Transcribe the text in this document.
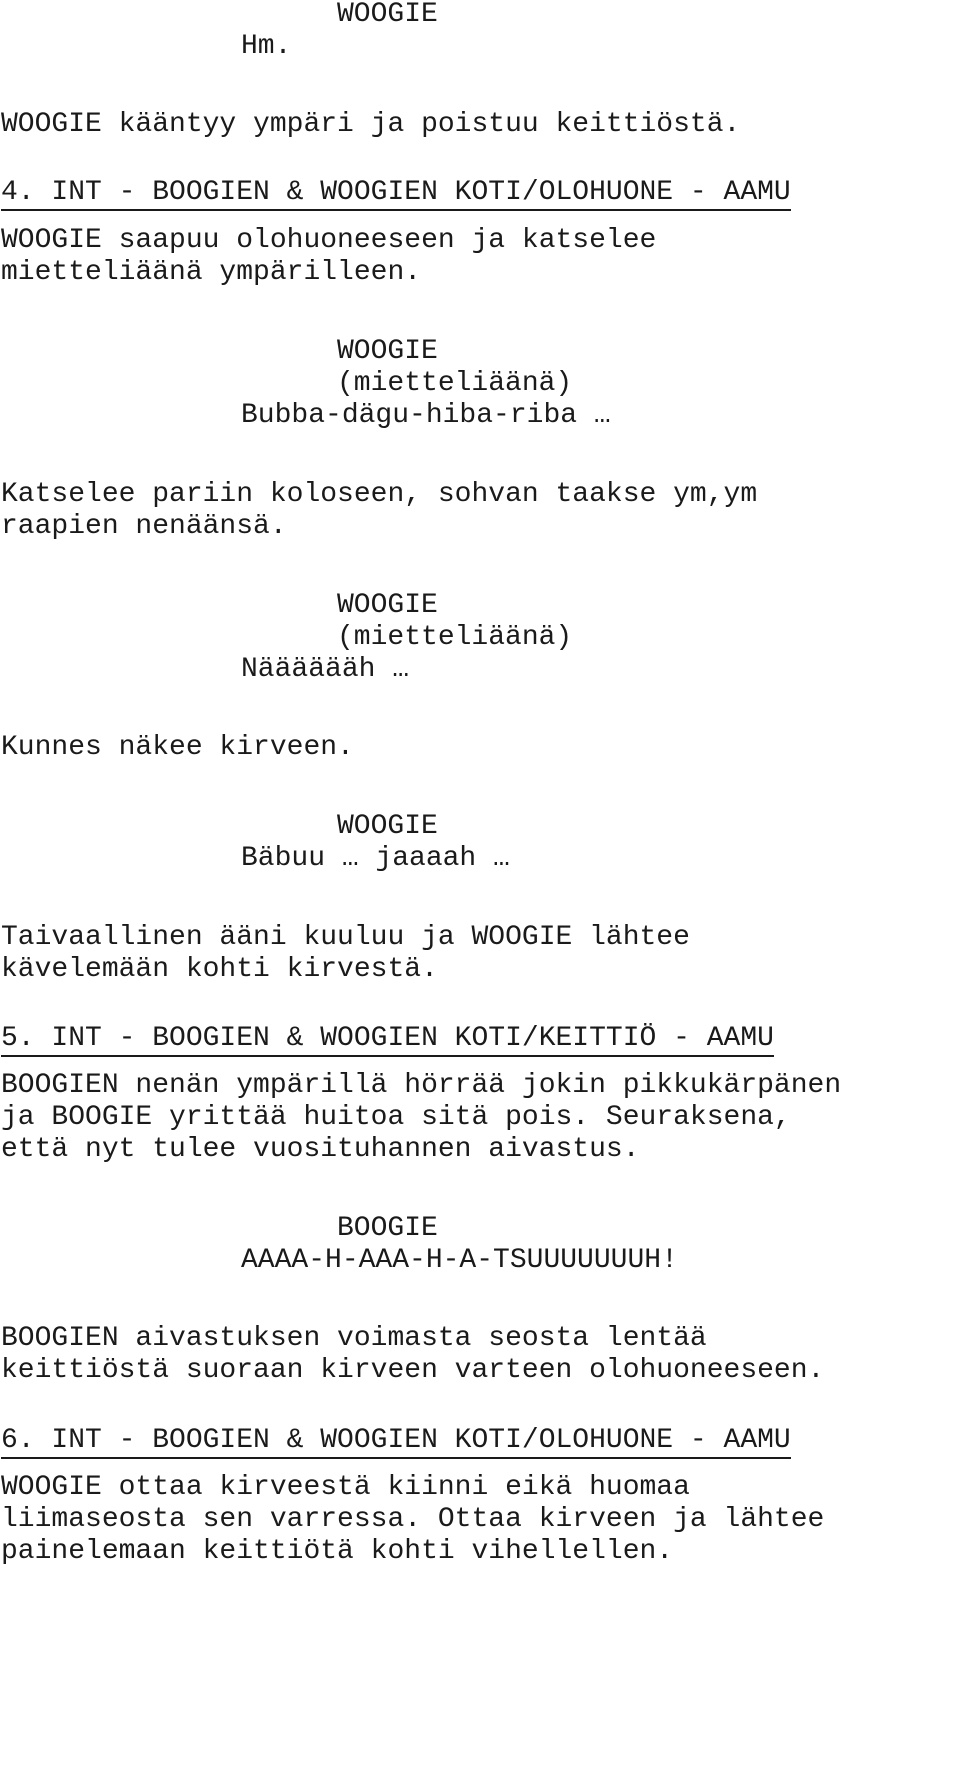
WOOGIE
Hm.
WOOGIE kääntyy ympäri ja poistuu keittiöstä.
4. INT - BOOGIEN & WOOGIEN KOTI/OLOHUONE - AAMU
WOOGIE saapuu olohuoneeseen ja katselee
mietteliäänä ympärilleen.
WOOGIE
(mietteliäänä)
Bubba-dägu-hiba-riba …
Katselee pariin koloseen, sohvan taakse ym,ym
raapien nenäänsä.
WOOGIE
(mietteliäänä)
Nääääääh …
Kunnes näkee kirveen.
WOOGIE
Bäbuu … jaaaah …
Taivaallinen ääni kuuluu ja WOOGIE lähtee
kävelemään kohti kirvestä.
5. INT - BOOGIEN & WOOGIEN KOTI/KEITTIÖ - AAMU
BOOGIEN nenän ympärillä hörrää jokin pikkukärpänen
ja BOOGIE yrittää huitoa sitä pois. Seuraksena,
että nyt tulee vuosituhannen aivastus.
BOOGIE
AAAA-H-AAA-H-A-TSUUUUUUUH!
BOOGIEN aivastuksen voimasta seosta lentää
keittiöstä suoraan kirveen varteen olohuoneeseen.
6. INT - BOOGIEN & WOOGIEN KOTI/OLOHUONE - AAMU
WOOGIE ottaa kirveestä kiinni eikä huomaa
liimaseosta sen varressa. Ottaa kirveen ja lähtee
painelemaan keittiötä kohti vihellellen.
